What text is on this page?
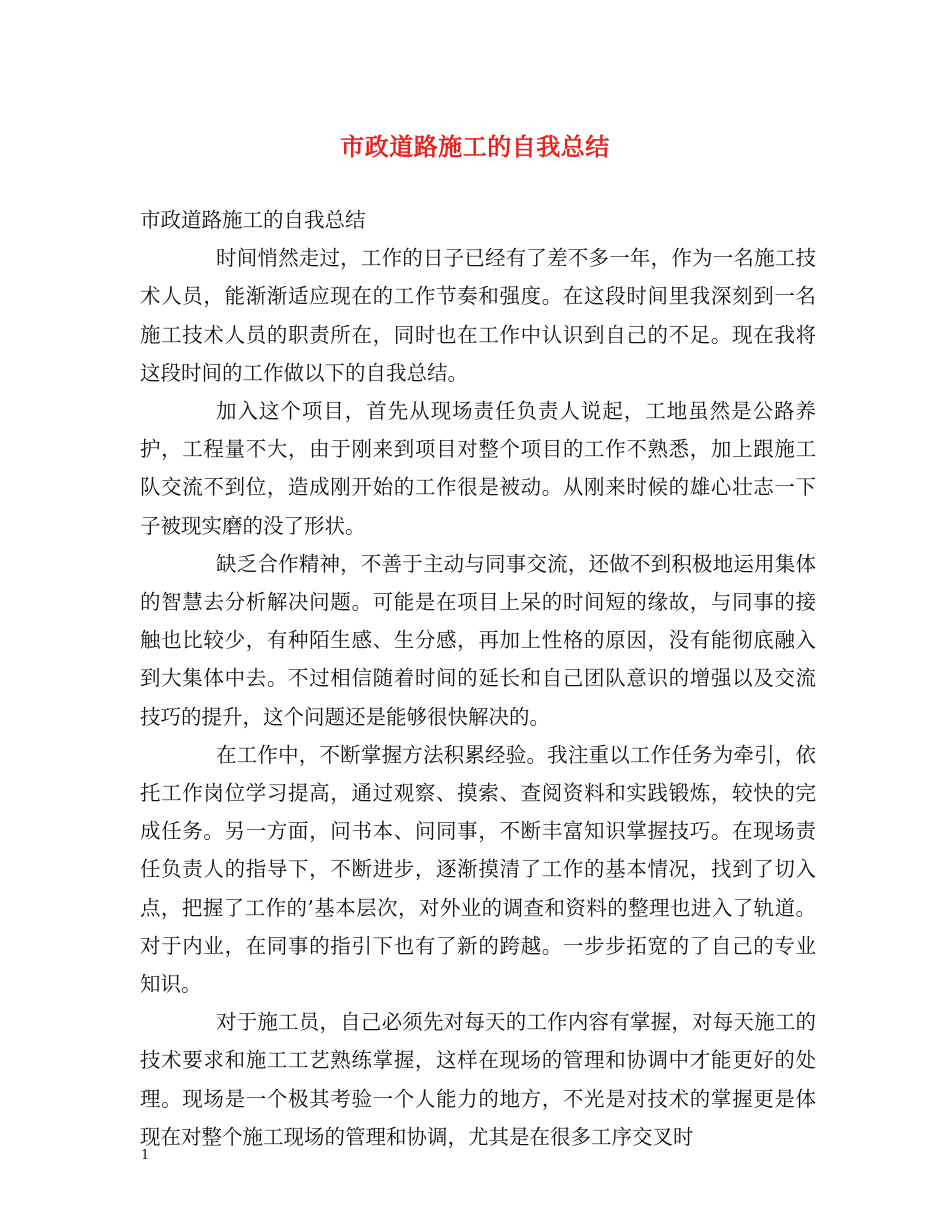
市政道路施工的自我总结

市政道路施工的自我总结

时间悄然走过，工作的日子已经有了差不多一年，作为一名施工技术人员，能渐渐适应现在的工作节奏和强度。在这段时间里我深刻到一名施工技术人员的职责所在，同时也在工作中认识到自己的不足。现在我将这段时间的工作做以下的自我总结。

加入这个项目，首先从现场责任负责人说起，工地虽然是公路养护，工程量不大，由于刚来到项目对整个项目的工作不熟悉，加上跟施工队交流不到位，造成刚开始的工作很是被动。从刚来时候的雄心壮志一下子被现实磨的没了形状。

缺乏合作精神，不善于主动与同事交流，还做不到积极地运用集体的智慧去分析解决问题。可能是在项目上呆的时间短的缘故，与同事的接触也比较少，有种陌生感、生分感，再加上性格的原因，没有能彻底融入到大集体中去。不过相信随着时间的延长和自己团队意识的增强以及交流技巧的提升，这个问题还是能够很快解决的。

在工作中，不断掌握方法积累经验。我注重以工作任务为牵引，依托工作岗位学习提高，通过观察、摸索、查阅资料和实践锻炼，较快的完成任务。另一方面，问书本、问同事，不断丰富知识掌握技巧。在现场责任负责人的指导下，不断进步，逐渐摸清了工作的基本情况，找到了切入点，把握了工作的’基本层次，对外业的调查和资料的整理也进入了轨道。对于内业，在同事的指引下也有了新的跨越。一步步拓宽的了自己的专业知识。

对于施工员，自己必须先对每天的工作内容有掌握，对每天施工的技术要求和施工工艺熟练掌握，这样在现场的管理和协调中才能更好的处理。现场是一个极其考验一个人能力的地方，不光是对技术的掌握更是体现在对整个施工现场的管理和协调，尤其是在很多工序交叉时

1
